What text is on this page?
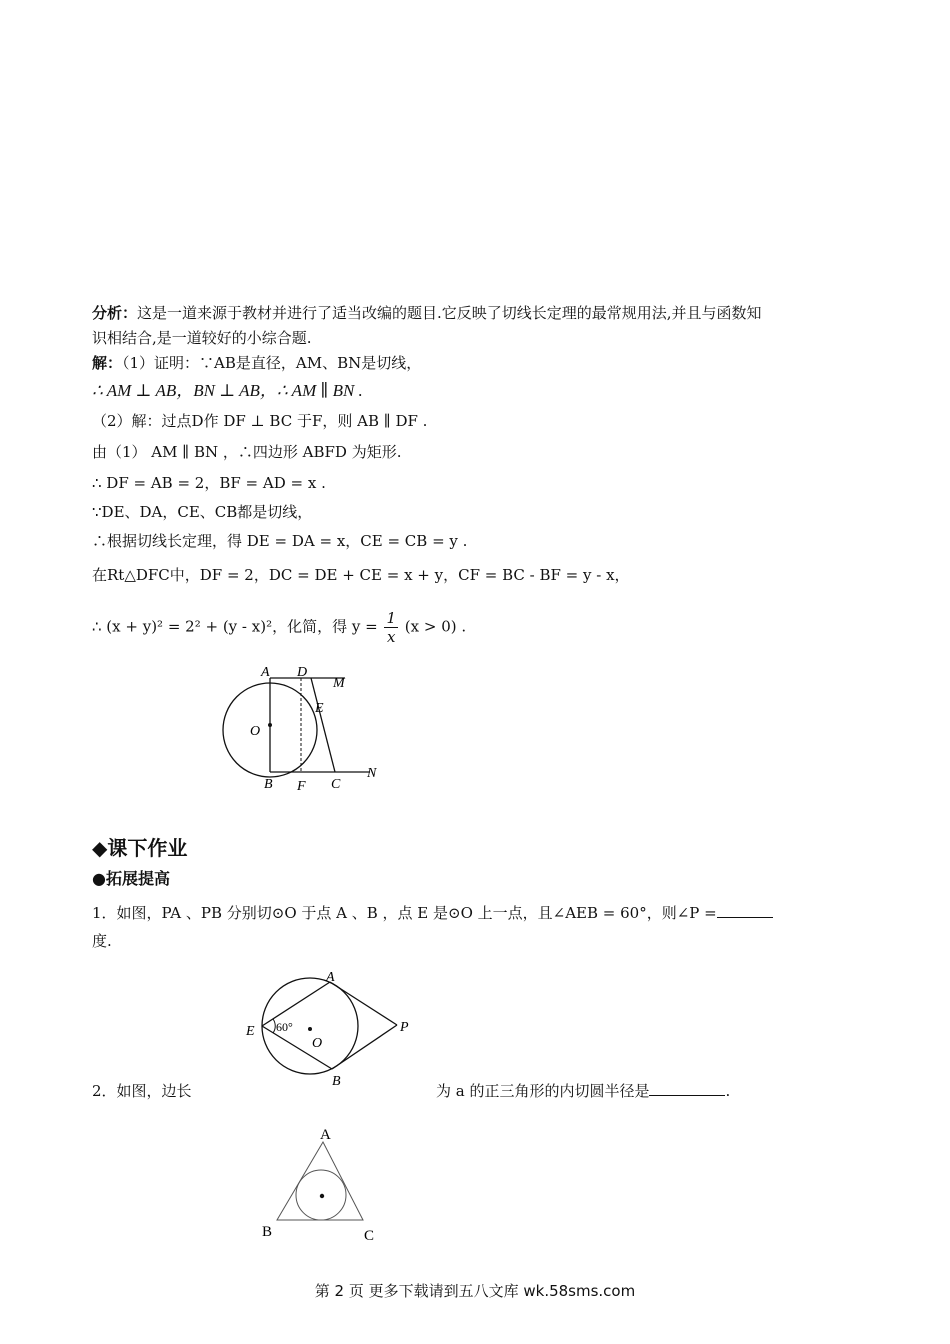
分析：这是一道来源于教材并进行了适当改编的题目.它反映了切线长定理的最常规用法,并且与函数知
识相结合,是一道较好的小综合题.
解：（1）证明：∵AB是直径，AM、BN是切线，
∴ AM ⊥ AB，BN ⊥ AB，∴ AM ∥ BN .
（2）解：过点D作 DF ⊥ BC 于F，则 AB ∥ DF .
由（1） AM ∥ BN ，∴四边形 ABFD 为矩形.
∴ DF = AB = 2，BF = AD = x .
∵DE、DA，CE、CB都是切线，
∴根据切线长定理，得 DE = DA = x，CE = CB = y .
在Rt△DFC中，DF = 2，DC = DE + CE = x + y，CF = BC - BF = y - x，
∴ (x + y)² = 2² + (y - x)²，化简，得 $y = \frac{1}{x} (x > 0)$ .
A D
M
E
O
B F C
N
◆课下作业
●拓展提高
1．如图，PA 、PB 分别切⊙O 于点 A 、B ，点 E 是⊙O 上一点，且∠AEB = 60°，则∠P =
度.
A
E 60°
O
P
B
2．如图，边长	为 a 的正三角形的内切圆半径是	.
A
B	C
第 2 页 更多下载请到五八文库 wk.58sms.com
